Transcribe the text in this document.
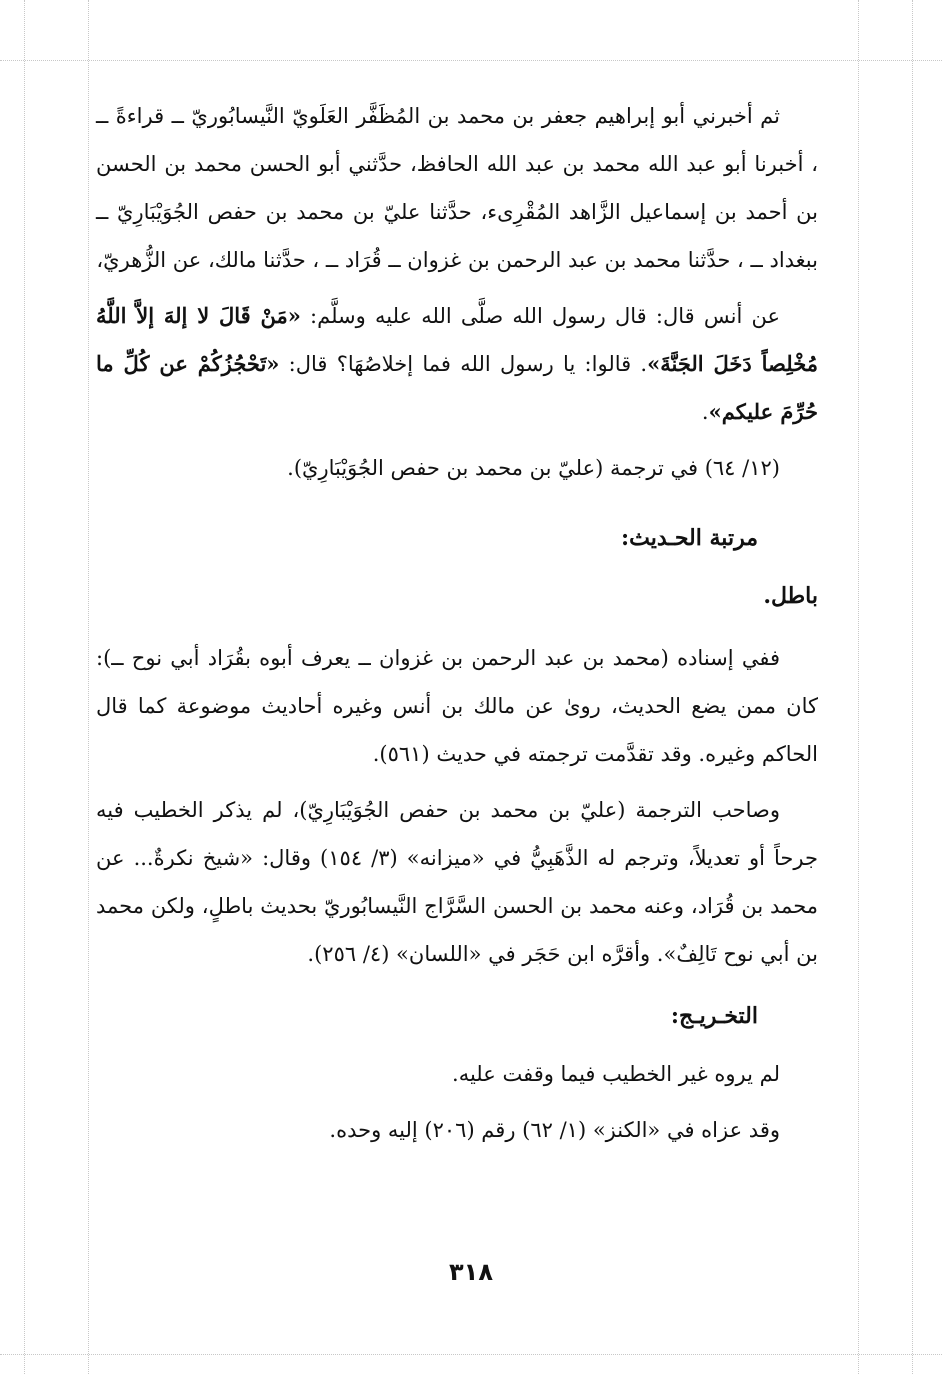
ثم أخبرني أبو إبراهيم جعفر بن محمد بن المُظَفَّر العَلَويّ النَّيسابُوريّ ــ قراءةً ــ ، أخبرنا أبو عبد الله محمد بن عبد الله الحافظ، حدَّثني أبو الحسن محمد بن الحسن بن أحمد بن إسماعيل الزَّاهد المُقْرِىء، حدَّثنا عليّ بن محمد بن حفص الجُوَيْبَارِيّ ــ ببغداد ــ ، حدَّثنا محمد بن عبد الرحمن بن غزوان ــ قُرَاد ــ ، حدَّثنا مالك، عن الزُّهريّ،

عن أنس قال: قال رسول الله صلَّى الله عليه وسلَّم: «مَنْ قَالَ لا إلهَ إلاَّ اللَّهُ مُخْلِصاً دَخَلَ الجَنَّةَ». قالوا: يا رسول الله فما إخلاصُهَا؟ قال: «تَحْجُزُكُمْ عن كُلِّ ما حُرِّمَ عليكم».

(١٢/ ٦٤) في ترجمة (عليّ بن محمد بن حفص الجُوَيْبَارِيّ).

مرتبة الحـديث:

باطل.

ففي إسناده (محمد بن عبد الرحمن بن غزوان ــ يعرف أبوه بقُرَاد أبي نوح ــ): كان ممن يضع الحديث، روىٰ عن مالك بن أنس وغيره أحاديث موضوعة كما قال الحاكم وغيره. وقد تقدَّمت ترجمته في حديث (٥٦١).

وصاحب الترجمة (عليّ بن محمد بن حفص الجُوَيْبَارِيّ)، لم يذكر الخطيب فيه جرحاً أو تعديلاً، وترجم له الذَّهَبِيُّ في «ميزانه» (٣/ ١٥٤) وقال: «شيخ نكرةٌ... عن محمد بن قُرَاد، وعنه محمد بن الحسن السَّرَّاج النَّيسابُوريّ بحديث باطلٍ، ولكن محمد بن أبي نوح تَالِفٌ». وأقرَّه ابن حَجَر في «اللسان» (٤/ ٢٥٦).

التخـريـج:

لم يروه غير الخطيب فيما وقفت عليه.

وقد عزاه في «الكنز» (١/ ٦٢) رقم (٢٠٦) إليه وحده.

٣١٨
